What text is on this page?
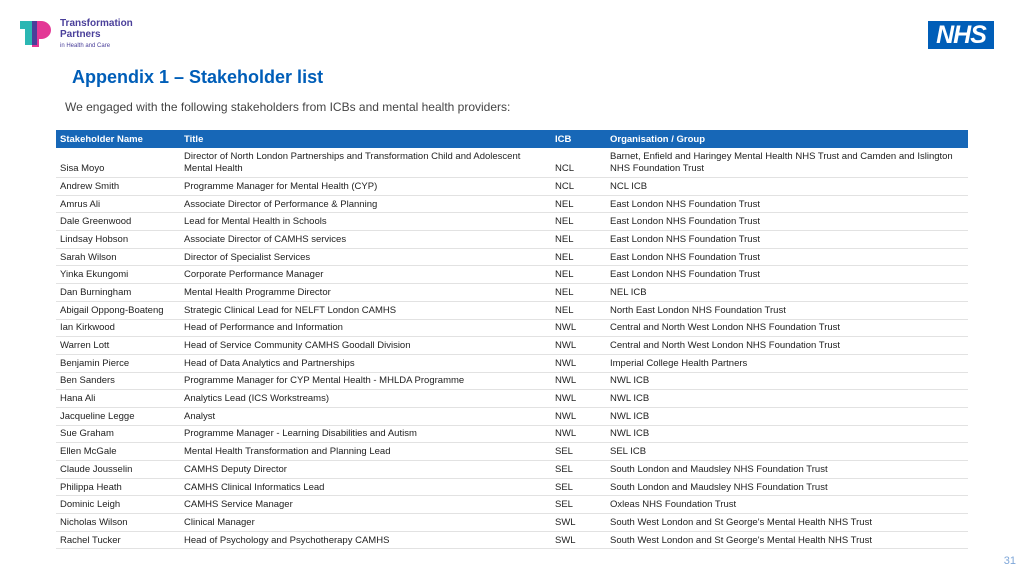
Transformation
Partners
in Health and Care	NHS
Appendix 1 – Stakeholder list

We engaged with the following stakeholders from ICBs and mental health providers:

Stakeholder Name	Title	ICB	Organisation / Group
Sisa Moyo	Director of North London Partnerships and Transformation Child and Adolescent Mental Health	NCL	Barnet, Enfield and Haringey Mental Health NHS Trust and Camden and Islington NHS Foundation Trust
Andrew Smith	Programme Manager for Mental Health (CYP)	NCL	NCL ICB
Amrus Ali	Associate Director of Performance & Planning	NEL	East London NHS Foundation Trust
Dale Greenwood	Lead for Mental Health in Schools	NEL	East London NHS Foundation Trust
Lindsay Hobson	Associate Director of CAMHS services	NEL	East London NHS Foundation Trust
Sarah Wilson	Director of Specialist Services	NEL	East London NHS Foundation Trust
Yinka Ekungomi	Corporate Performance Manager	NEL	East London NHS Foundation Trust
Dan Burningham	Mental Health Programme Director	NEL	NEL ICB
Abigail Oppong-Boateng	Strategic Clinical Lead for NELFT London CAMHS	NEL	North East London NHS Foundation Trust
Ian Kirkwood	Head of Performance and Information	NWL	Central and North West London NHS Foundation Trust
Warren Lott	Head of Service Community CAMHS Goodall Division	NWL	Central and North West London NHS Foundation Trust
Benjamin Pierce	Head of Data Analytics and Partnerships	NWL	Imperial College Health Partners
Ben Sanders	Programme Manager for CYP Mental Health - MHLDA Programme	NWL	NWL ICB
Hana Ali	Analytics Lead (ICS Workstreams)	NWL	NWL ICB
Jacqueline Legge	Analyst	NWL	NWL ICB
Sue Graham	Programme Manager - Learning Disabilities and Autism	NWL	NWL ICB
Ellen McGale	Mental Health Transformation and Planning Lead	SEL	SEL ICB
Claude Jousselin	CAMHS Deputy Director	SEL	South London and Maudsley NHS Foundation Trust
Philippa Heath	CAMHS Clinical Informatics Lead	SEL	South London and Maudsley NHS Foundation Trust
Dominic Leigh	CAMHS Service Manager	SEL	Oxleas NHS Foundation Trust
Nicholas Wilson	Clinical Manager	SWL	South West London and St George's Mental Health NHS Trust
Rachel Tucker	Head of Psychology and Psychotherapy CAMHS	SWL	South West London and St George's Mental Health NHS Trust
31
